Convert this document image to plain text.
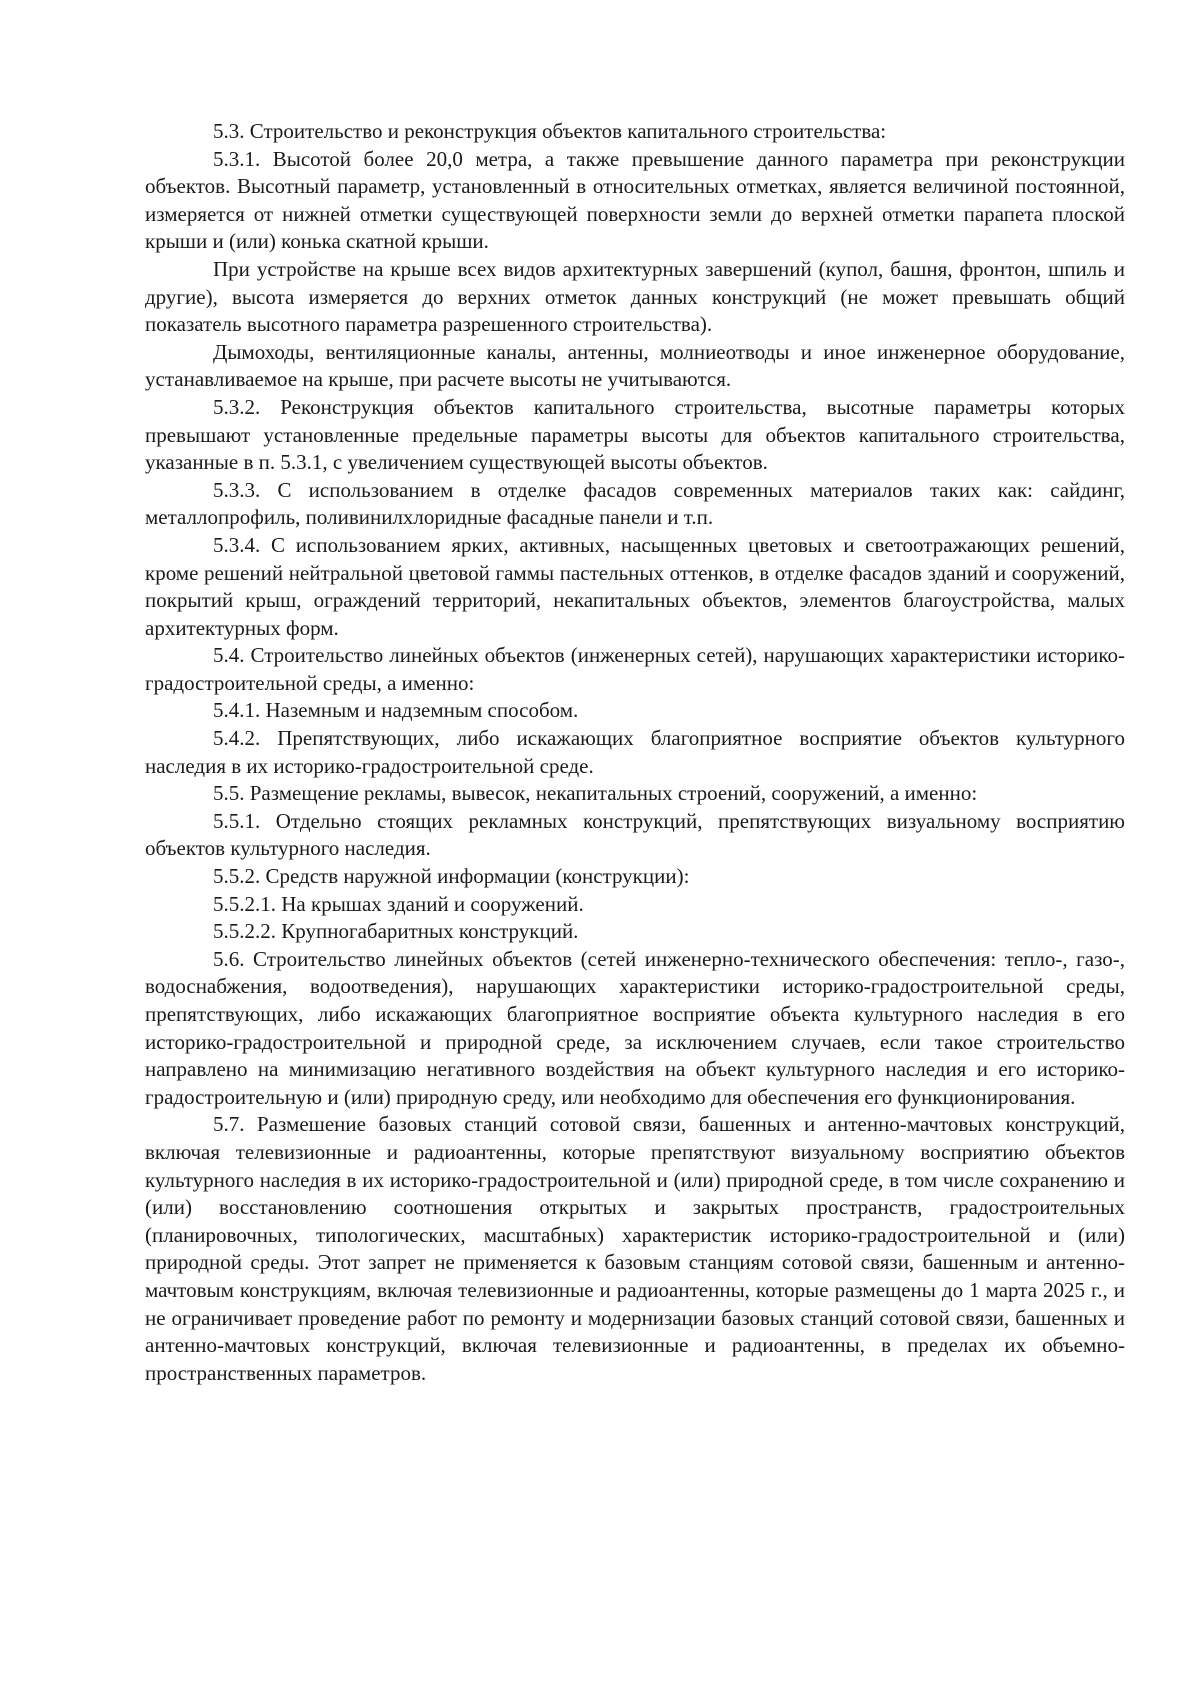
5.3. Строительство и реконструкция объектов капитального строительства:

5.3.1. Высотой более 20,0 метра, а также превышение данного параметра при реконструкции объектов. Высотный параметр, установленный в относительных отметках, является величиной постоянной, измеряется от нижней отметки существующей поверхности земли до верхней отметки парапета плоской крыши и (или) конька скатной крыши.

При устройстве на крыше всех видов архитектурных завершений (купол, башня, фронтон, шпиль и другие), высота измеряется до верхних отметок данных конструкций (не может превышать общий показатель высотного параметра разрешенного строительства).

Дымоходы, вентиляционные каналы, антенны, молниеотводы и иное инженерное оборудование, устанавливаемое на крыше, при расчете высоты не учитываются.

5.3.2. Реконструкция объектов капитального строительства, высотные параметры которых превышают установленные предельные параметры высоты для объектов капитального строительства, указанные в п. 5.3.1, с увеличением существующей высоты объектов.

5.3.3. С использованием в отделке фасадов современных материалов таких как: сайдинг, металлопрофиль, поливинилхлоридные фасадные панели и т.п.

5.3.4. С использованием ярких, активных, насыщенных цветовых и светоотражающих решений, кроме решений нейтральной цветовой гаммы пастельных оттенков, в отделке фасадов зданий и сооружений, покрытий крыш, ограждений территорий, некапитальных объектов, элементов благоустройства, малых архитектурных форм.

5.4. Строительство линейных объектов (инженерных сетей), нарушающих характеристики историко-градостроительной среды, а именно:

5.4.1. Наземным и надземным способом.

5.4.2. Препятствующих, либо искажающих благоприятное восприятие объектов культурного наследия в их историко-градостроительной среде.

5.5. Размещение рекламы, вывесок, некапитальных строений, сооружений, а именно:

5.5.1. Отдельно стоящих рекламных конструкций, препятствующих визуальному восприятию объектов культурного наследия.

5.5.2. Средств наружной информации (конструкции):

5.5.2.1. На крышах зданий и сооружений.

5.5.2.2. Крупногабаритных конструкций.

5.6. Строительство линейных объектов (сетей инженерно-технического обеспечения: тепло-, газо-, водоснабжения, водоотведения), нарушающих характеристики историко-градостроительной среды, препятствующих, либо искажающих благоприятное восприятие объекта культурного наследия в его историко-градостроительной и природной среде, за исключением случаев, если такое строительство направлено на минимизацию негативного воздействия на объект культурного наследия и его историко-градостроительную и (или) природную среду, или необходимо для обеспечения его функционирования.

5.7. Размешение базовых станций сотовой связи, башенных и антенно-мачтовых конструкций, включая телевизионные и радиоантенны, которые препятствуют визуальному восприятию объектов культурного наследия в их историко-градостроительной и (или) природной среде, в том числе сохранению и (или) восстановлению соотношения открытых и закрытых пространств, градостроительных (планировочных, типологических, масштабных) характеристик историко-градостроительной и (или) природной среды. Этот запрет не применяется к базовым станциям сотовой связи, башенным и антенно-мачтовым конструкциям, включая телевизионные и радиоантенны, которые размещены до 1 марта 2025 г., и не ограничивает проведение работ по ремонту и модернизации базовых станций сотовой связи, башенных и антенно-мачтовых конструкций, включая телевизионные и радиоантенны, в пределах их объемно-пространственных параметров.
